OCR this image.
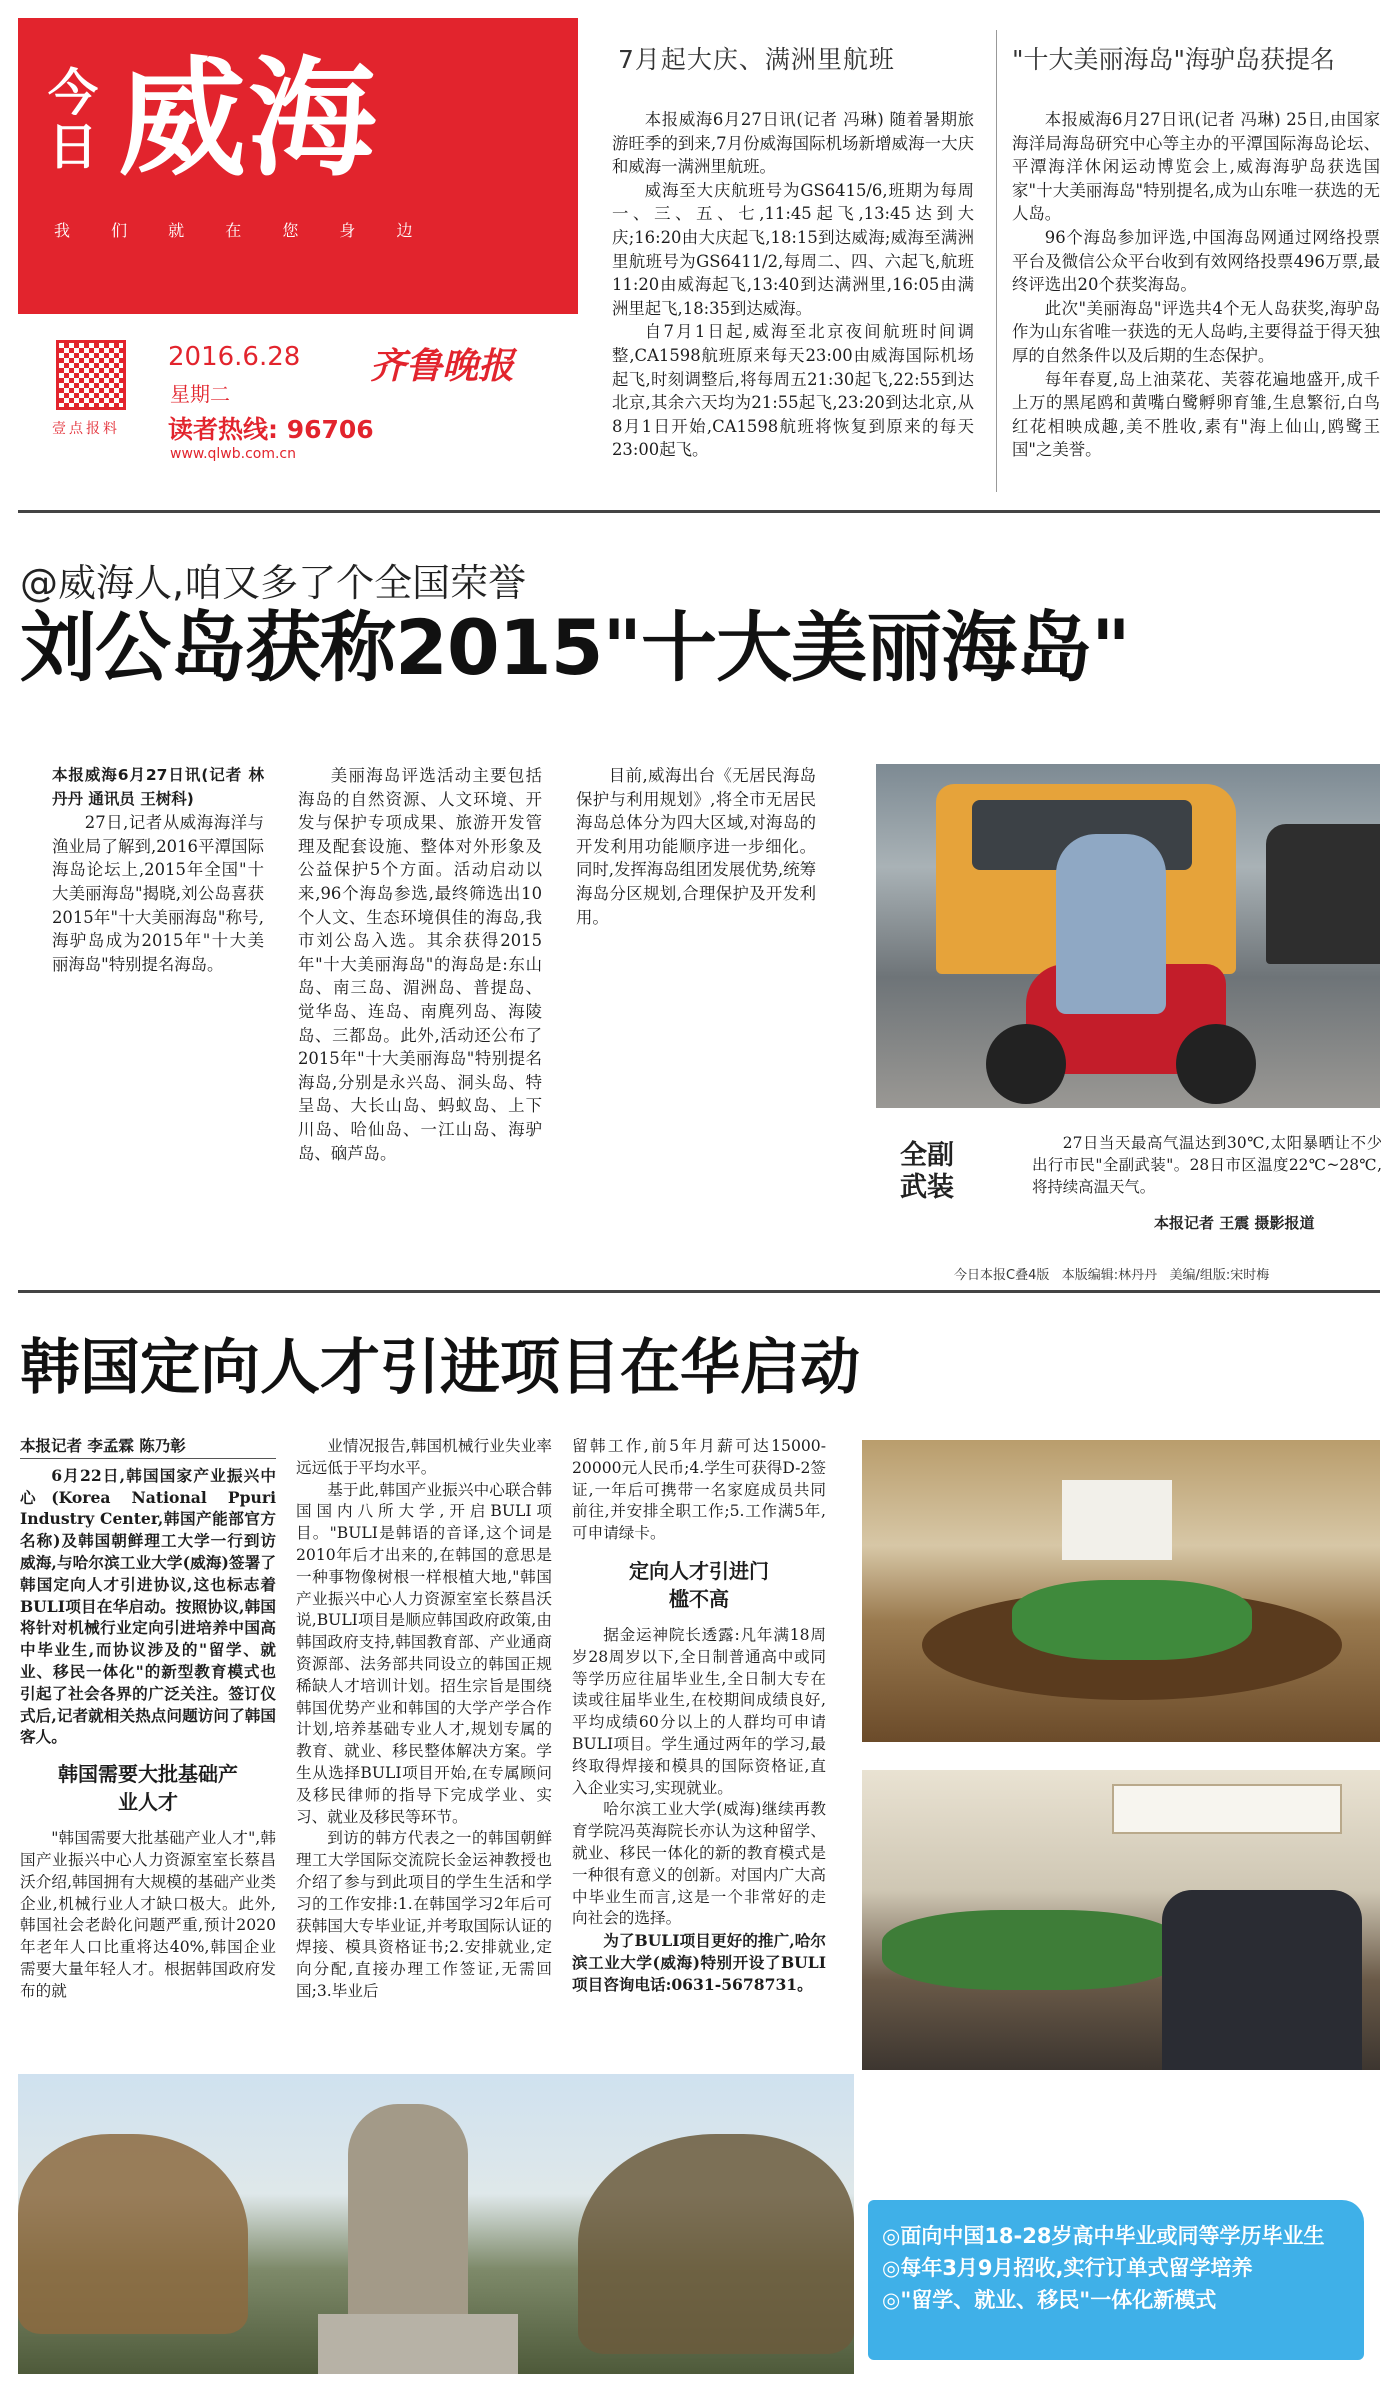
今日 威海
我 们 就 在 您 身 边
壹点报料
2016.6.28
星期二
读者热线: 96706
www.qlwb.com.cn
齐鲁晚报
7月起大庆、满洲里航班

本报威海6月27日讯(记者 冯琳) 随着暑期旅游旺季的到来,7月份威海国际机场新增威海一大庆和威海一满洲里航班。

威海至大庆航班号为GS6415/6,班期为每周一、三、五、七,11:45起飞,13:45达到大庆;16:20由大庆起飞,18:15到达威海;威海至满洲里航班号为GS6411/2,每周二、四、六起飞,航班11:20由威海起飞,13:40到达满洲里,16:05由满洲里起飞,18:35到达威海。

自7月1日起,威海至北京夜间航班时间调整,CA1598航班原来每天23:00由威海国际机场起飞,时刻调整后,将每周五21:30起飞,22:55到达北京,其余六天均为21:55起飞,23:20到达北京,从8月1日开始,CA1598航班将恢复到原来的每天23:00起飞。

"十大美丽海岛"海驴岛获提名

本报威海6月27日讯(记者 冯琳) 25日,由国家海洋局海岛研究中心等主办的平潭国际海岛论坛、平潭海洋休闲运动博览会上,威海海驴岛获选国家"十大美丽海岛"特别提名,成为山东唯一获选的无人岛。

96个海岛参加评选,中国海岛网通过网络投票平台及微信公众平台收到有效网络投票496万票,最终评选出20个获奖海岛。

此次"美丽海岛"评选共4个无人岛获奖,海驴岛作为山东省唯一获选的无人岛屿,主要得益于得天独厚的自然条件以及后期的生态保护。

每年春夏,岛上油菜花、芙蓉花遍地盛开,成千上万的黑尾鸥和黄嘴白鹭孵卵育雏,生息繁衍,白鸟红花相映成趣,美不胜收,素有"海上仙山,鸥鹭王国"之美誉。

@威海人,咱又多了个全国荣誉
刘公岛获称2015"十大美丽海岛"

本报威海6月27日讯(记者 林丹丹 通讯员 王树科)

27日,记者从威海海洋与渔业局了解到,2016平潭国际海岛论坛上,2015年全国"十大美丽海岛"揭晓,刘公岛喜获2015年"十大美丽海岛"称号,海驴岛成为2015年"十大美丽海岛"特别提名海岛。

美丽海岛评选活动主要包括海岛的自然资源、人文环境、开发与保护专项成果、旅游开发管理及配套设施、整体对外形象及公益保护5个方面。活动启动以来,96个海岛参选,最终筛选出10个人文、生态环境俱佳的海岛,我市刘公岛入选。其余获得2015年"十大美丽海岛"的海岛是:东山岛、南三岛、湄洲岛、普提岛、觉华岛、连岛、南麂列岛、海陵岛、三都岛。此外,活动还公布了2015年"十大美丽海岛"特别提名海岛,分别是永兴岛、洞头岛、特呈岛、大长山岛、蚂蚁岛、上下川岛、哈仙岛、一江山岛、海驴岛、硇芦岛。

目前,威海出台《无居民海岛保护与利用规划》,将全市无居民海岛总体分为四大区域,对海岛的开发利用功能顺序进一步细化。同时,发挥海岛组团发展优势,统筹海岛分区规划,合理保护及开发利用。

全副武装

27日当天最高气温达到30℃,太阳暴晒让不少出行市民"全副武装"。28日市区温度22℃~28℃,将持续高温天气。

本报记者 王震 摄影报道
今日本报C叠4版   本版编辑:林丹丹   美编/组版:宋时梅
韩国定向人才引进项目在华启动

本报记者 李孟霖 陈乃彰

6月22日,韩国国家产业振兴中心(Korea National Ppuri Industry Center,韩国产能部官方名称)及韩国朝鲜理工大学一行到访威海,与哈尔滨工业大学(威海)签署了韩国定向人才引进协议,这也标志着BULI项目在华启动。按照协议,韩国将针对机械行业定向引进培养中国高中毕业生,而协议涉及的"留学、就业、移民一体化"的新型教育模式也引起了社会各界的广泛关注。签订仪式后,记者就相关热点问题访问了韩国客人。

韩国需要大批基础产业人才

"韩国需要大批基础产业人才",韩国产业振兴中心人力资源室室长蔡昌沃介绍,韩国拥有大规模的基础产业类企业,机械行业人才缺口极大。此外,韩国社会老龄化问题严重,预计2020年老年人口比重将达40%,韩国企业需要大量年轻人才。根据韩国政府发布的就

业情况报告,韩国机械行业失业率远远低于平均水平。

基于此,韩国产业振兴中心联合韩国国内八所大学,开启BULI项目。"BULI是韩语的音译,这个词是2010年后才出来的,在韩国的意思是一种事物像树根一样根植大地,"韩国产业振兴中心人力资源室室长蔡昌沃说,BULI项目是顺应韩国政府政策,由韩国政府支持,韩国教育部、产业通商资源部、法务部共同设立的韩国正规稀缺人才培训计划。招生宗旨是围绕韩国优势产业和韩国的大学产学合作计划,培养基础专业人才,规划专属的教育、就业、移民整体解决方案。学生从选择BULI项目开始,在专属顾问及移民律师的指导下完成学业、实习、就业及移民等环节。

到访的韩方代表之一的韩国朝鲜理工大学国际交流院长金运神教授也介绍了参与到此项目的学生生活和学习的工作安排:1.在韩国学习2年后可获韩国大专毕业证,并考取国际认证的焊接、模具资格证书;2.安排就业,定向分配,直接办理工作签证,无需回国;3.毕业后

留韩工作,前5年月薪可达15000-20000元人民币;4.学生可获得D-2签证,一年后可携带一名家庭成员共同前往,并安排全职工作;5.工作满5年,可申请绿卡。

定向人才引进门槛不高

据金运神院长透露:凡年满18周岁28周岁以下,全日制普通高中或同等学历应往届毕业生,全日制大专在读或往届毕业生,在校期间成绩良好,平均成绩60分以上的人群均可申请BULI项目。学生通过两年的学习,最终取得焊接和模具的国际资格证,直入企业实习,实现就业。

哈尔滨工业大学(威海)继续再教育学院冯英海院长亦认为这种留学、就业、移民一体化的新的教育模式是一种很有意义的创新。对国内广大高中毕业生而言,这是一个非常好的走向社会的选择。

为了BULI项目更好的推广,哈尔滨工业大学(威海)特别开设了BULI项目咨询电话:0631-5678731。

◎面向中国18-28岁高中毕业或同等学历毕业生
◎每年3月9月招收,实行订单式留学培养
◎"留学、就业、移民"一体化新模式
